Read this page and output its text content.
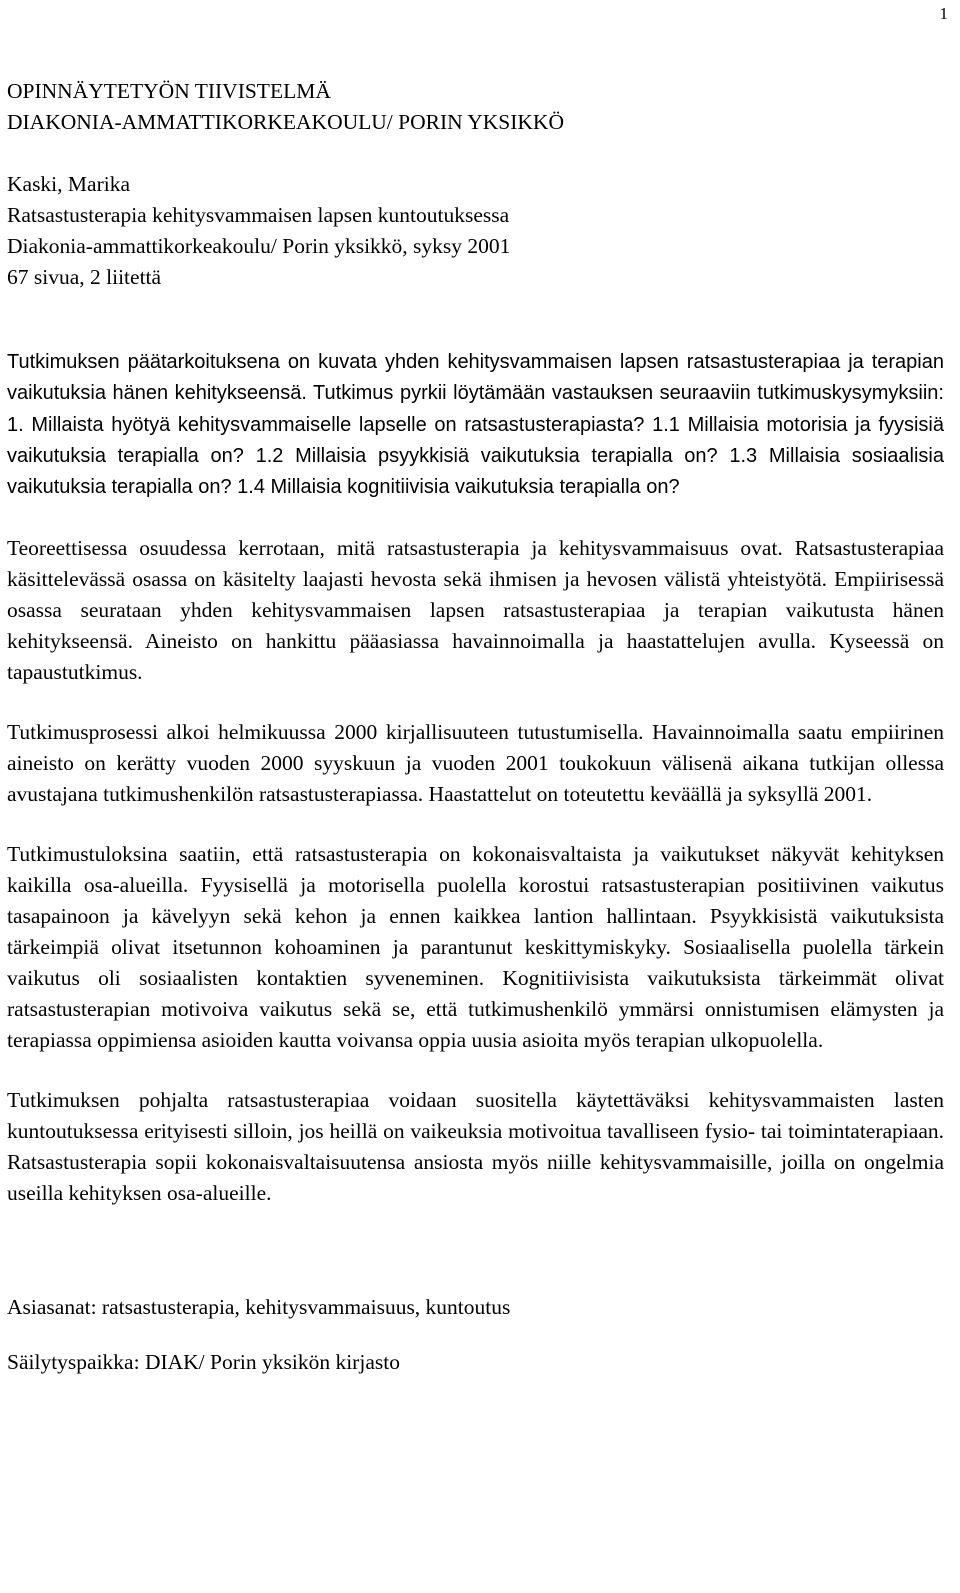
1
OPINNÄYTETYÖN TIIVISTELMÄ
DIAKONIA-AMMATTIKORKEAKOULU/ PORIN YKSIKKÖ
Kaski, Marika
Ratsastusterapia kehitysvammaisen lapsen kuntoutuksessa
Diakonia-ammattikorkeakoulu/ Porin yksikkö, syksy 2001
67 sivua, 2 liitettä

Tutkimuksen päätarkoituksena on kuvata yhden kehitysvammaisen lapsen ratsastusterapiaa ja terapian vaikutuksia hänen kehitykseensä. Tutkimus pyrkii löytämään vastauksen seuraaviin tutkimuskysymyksiin: 1. Millaista hyötyä kehitysvammaiselle lapselle on ratsastusterapiasta? 1.1 Millaisia motorisia ja fyysisiä vaikutuksia terapialla on? 1.2 Millaisia psyykkisiä vaikutuksia terapialla on? 1.3 Millaisia sosiaalisia vaikutuksia terapialla on? 1.4 Millaisia kognitiivisia vaikutuksia terapialla on?

Teoreettisessa osuudessa kerrotaan, mitä ratsastusterapia ja kehitysvammaisuus ovat. Ratsastusterapiaa käsittelevässä osassa on käsitelty laajasti hevosta sekä ihmisen ja hevosen välistä yhteistyötä. Empiirisessä osassa seurataan yhden kehitysvammaisen lapsen ratsastusterapiaa ja terapian vaikutusta hänen kehitykseensä. Aineisto on hankittu pääasiassa havainnoimalla ja haastattelujen avulla. Kyseessä on tapaustutkimus.

Tutkimusprosessi alkoi helmikuussa 2000 kirjallisuuteen tutustumisella. Havainnoimalla saatu empiirinen aineisto on kerätty vuoden 2000 syyskuun ja vuoden 2001 toukokuun välisenä aikana tutkijan ollessa avustajana tutkimushenkilön ratsastusterapiassa. Haastattelut on toteutettu keväällä ja syksyllä 2001.

Tutkimustuloksina saatiin, että ratsastusterapia on kokonaisvaltaista ja vaikutukset näkyvät kehityksen kaikilla osa-alueilla. Fyysisellä ja motorisella puolella korostui ratsastusterapian positiivinen vaikutus tasapainoon ja kävelyyn sekä kehon ja ennen kaikkea lantion hallintaan. Psyykkisistä vaikutuksista tärkeimpiä olivat itsetunnon kohoaminen ja parantunut keskittymiskyky. Sosiaalisella puolella tärkein vaikutus oli sosiaalisten kontaktien syveneminen. Kognitiivisista vaikutuksista tärkeimmät olivat ratsastusterapian motivoiva vaikutus sekä se, että tutkimushenkilö ymmärsi onnistumisen elämysten ja terapiassa oppimiensa asioiden kautta voivansa oppia uusia asioita myös terapian ulkopuolella.

Tutkimuksen pohjalta ratsastusterapiaa voidaan suositella käytettäväksi kehitysvammaisten lasten kuntoutuksessa erityisesti silloin, jos heillä on vaikeuksia motivoitua tavalliseen fysio- tai toimintaterapiaan. Ratsastusterapia sopii kokonaisvaltaisuutensa ansiosta myös niille kehitysvammaisille, joilla on ongelmia useilla kehityksen osa-alueille.

Asiasanat: ratsastusterapia, kehitysvammaisuus, kuntoutus
Säilytyspaikka: DIAK/ Porin yksikön kirjasto
